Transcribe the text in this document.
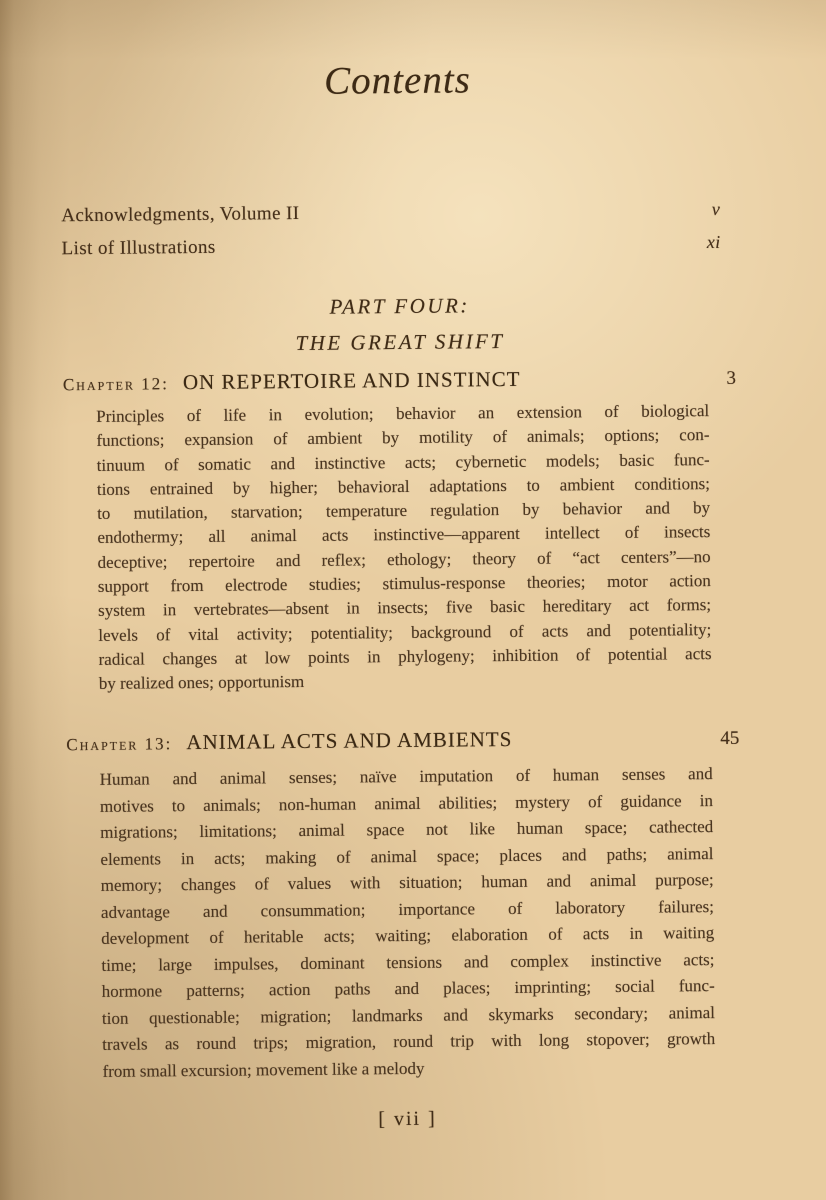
Contents
Acknowledgments, Volume II	v
List of Illustrations	xi
PART FOUR:
THE GREAT SHIFT
Chapter 12: ON REPERTOIRE AND INSTINCT	3
Principles of life in evolution; behavior an extension of biological
functions; expansion of ambient by motility of animals; options; con-
tinuum of somatic and instinctive acts; cybernetic models; basic func-
tions entrained by higher; behavioral adaptations to ambient conditions;
to mutilation, starvation; temperature regulation by behavior and by
endothermy; all animal acts instinctive—apparent intellect of insects
deceptive; repertoire and reflex; ethology; theory of “act centers”—no
support from electrode studies; stimulus-response theories; motor action
system in vertebrates—absent in insects; five basic hereditary act forms;
levels of vital activity; potentiality; background of acts and potentiality;
radical changes at low points in phylogeny; inhibition of potential acts
by realized ones; opportunism
Chapter 13: ANIMAL ACTS AND AMBIENTS	45
Human and animal senses; naïve imputation of human senses and
motives to animals; non-human animal abilities; mystery of guidance in
migrations; limitations; animal space not like human space; cathected
elements in acts; making of animal space; places and paths; animal
memory; changes of values with situation; human and animal purpose;
advantage and consummation; importance of laboratory failures;
development of heritable acts; waiting; elaboration of acts in waiting
time; large impulses, dominant tensions and complex instinctive acts;
hormone patterns; action paths and places; imprinting; social func-
tion questionable; migration; landmarks and skymarks secondary; animal
travels as round trips; migration, round trip with long stopover; growth
from small excursion; movement like a melody
[ vii ]
